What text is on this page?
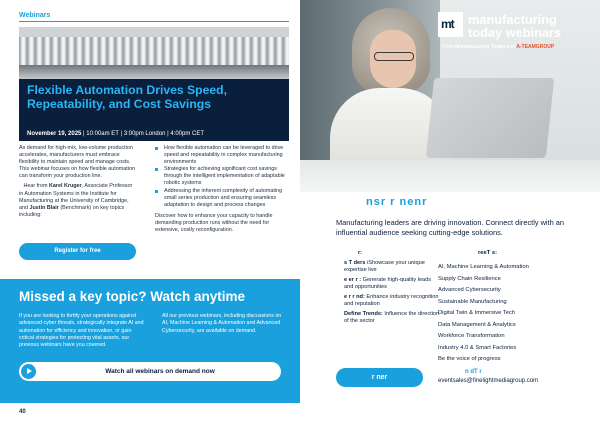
Webinars
Flexible Automation Drives Speed, Repeatability, and Cost Savings
November 19, 2025 | 10:00am ET | 3:00pm London | 4:00pm CET

As demand for high-mix, low-volume production accelerates, manufacturers must embrace flexibility to maintain speed and manage costs. This webinar focuses on how flexible automation can transform your production line.

Hear from Karel Kruger, Associate Professor in Automation Systems in the Institute for Manufacturing at the University of Cambridge, and Justin Blair (Benchmark) on key topics including:

How flexible automation can be leveraged to drive speed and repeatability in complex manufacturing environments
Strategies for achieving significant cost savings through the intelligent implementation of adaptable robotic systems
Addressing the inherent complexity of automating small series production and ensuring seamless adaptation to design and process changes

Discover how to enhance your capacity to handle demanding production runs without the need for extensive, costly reconfiguration.

Register for free
Missed a key topic? Watch anytime
If you are looking to fortify your operations against advanced cyber threats, strategically integrate AI and automation for efficiency and innovation, or gain critical strategies for protecting vital assets, our previous webinars have you covered.
All our previous webinars, including discussions on AI, Machine Learning & Automation and Advanced Cybersecurity, are available on demand.
Watch all webinars on demand now
40
mt manufacturing
today webinars
From Manufacturing Today and A-TEAMGROUP
nsr r nenr
Manufacturing leaders are driving innovation. Connect directly with an influential audience seeking cutting-edge solutions.
r:
s T ders iShowcase your unique expertise live
e er r : Generate high-quality leads and opportunities
e r r nd: Enhance industry recognition and reputation
Define Trends: Influence the direction of the sector
reeT s:
AI, Machine Learning & Automation
Supply Chain Resilience
Advanced Cybersecurity
Sustainable Manufacturing
Digital Twin & Immersive Tech
Data Management & Analytics
Workforce Transformation
Industry 4.0 & Smart Factories
Be the voice of progress
r ner
n dT r
eventsales@finelightmediagroup.com
